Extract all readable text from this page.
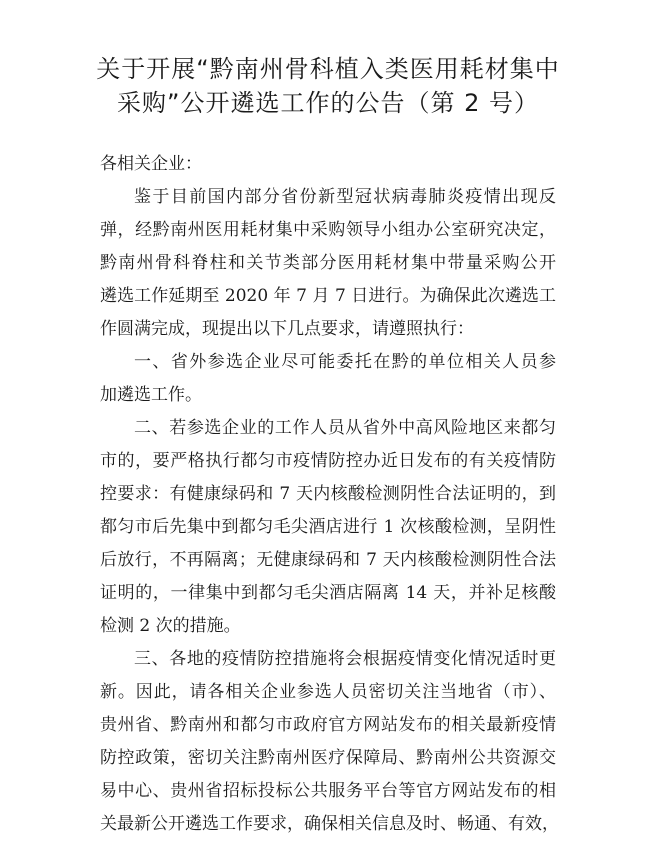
关于开展“黔南州骨科植入类医用耗材集中
采购”公开遴选工作的公告（第 2 号）

各相关企业：

鉴于目前国内部分省份新型冠状病毒肺炎疫情出现反

弹，经黔南州医用耗材集中采购领导小组办公室研究决定，

黔南州骨科脊柱和关节类部分医用耗材集中带量采购公开

遴选工作延期至 2020 年 7 月 7 日进行。为确保此次遴选工

作圆满完成，现提出以下几点要求，请遵照执行：

一、省外参选企业尽可能委托在黔的单位相关人员参

加遴选工作。

二、若参选企业的工作人员从省外中高风险地区来都匀

市的，要严格执行都匀市疫情防控办近日发布的有关疫情防

控要求：有健康绿码和 7 天内核酸检测阴性合法证明的，到

都匀市后先集中到都匀毛尖酒店进行 1 次核酸检测，呈阴性

后放行，不再隔离；无健康绿码和 7 天内核酸检测阴性合法

证明的，一律集中到都匀毛尖酒店隔离 14 天，并补足核酸

检测 2 次的措施。

三、各地的疫情防控措施将会根据疫情变化情况适时更

新。因此，请各相关企业参选人员密切关注当地省（市）、

贵州省、黔南州和都匀市政府官方网站发布的相关最新疫情

防控政策，密切关注黔南州医疗保障局、黔南州公共资源交

易中心、贵州省招标投标公共服务平台等官方网站发布的相

关最新公开遴选工作要求，确保相关信息及时、畅通、有效，
